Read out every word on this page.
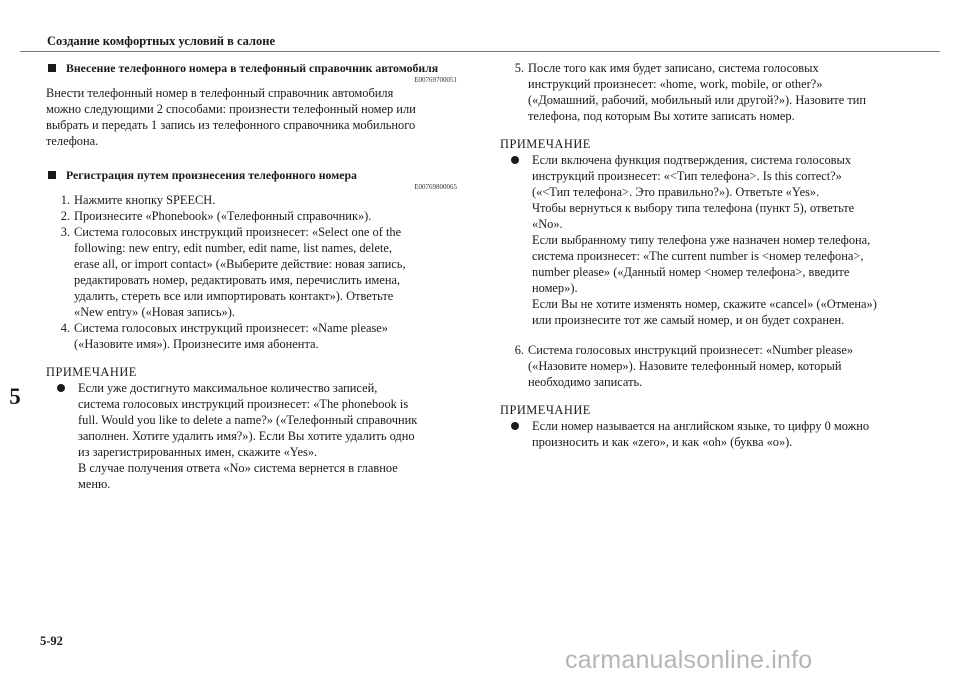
Создание комфортных условий в салоне
Внесение телефонного номера в телефонный справочник автомобиля
E00769700051

Внести телефонный номер в телефонный справочник автомобиля

можно следующими 2 способами: произнести телефонный номер или

выбрать и передать 1 запись из телефонного справочника мобильного

телефона.

Регистрация путем произнесения телефонного номера
E00769800065
1. Нажмите кнопку SPEECH.

2. Произнесите «Phonebook» («Телефонный справочник»).

3. Система голосовых инструкций произнесет: «Select one of the

following: new entry, edit number, edit name, list names, delete,

erase all, or import contact» («Выберите действие: новая запись,

редактировать номер, редактировать имя, перечислить имена,

удалить, стереть все или импортировать контакт»). Ответьте

«New entry» («Новая запись»).

4. Система голосовых инструкций произнесет: «Name please»

(«Назовите имя»). Произнесите имя абонента.

ПРИМЕЧАНИЕ

Если уже достигнуто максимальное количество записей,

система голосовых инструкций произнесет: «The phonebook is

full. Would you like to delete a name?» («Телефонный справочник

заполнен. Хотите удалить имя?»). Если Вы хотите удалить одно

из зарегистрированных имен, скажите «Yes».

В случае получения ответа «No» система вернется в главное

меню.

5. После того как имя будет записано, система голосовых

инструкций произнесет: «home, work, mobile, or other?»

(«Домашний, рабочий, мобильный или другой?»). Назовите тип

телефона, под которым Вы хотите записать номер.

ПРИМЕЧАНИЕ

Если включена функция подтверждения, система голосовых

инструкций произнесет: «<Тип телефона>. Is this correct?»

(«<Тип телефона>. Это правильно?»). Ответьте «Yes».

Чтобы вернуться к выбору типа телефона (пункт 5), ответьте

«No».

Если выбранному типу телефона уже назначен номер телефона,

система произнесет: «The current number is <номер телефона>,

number please» («Данный номер <номер телефона>, введите

номер»).

Если Вы не хотите изменять номер, скажите «cancel» («Отмена»)

или произнесите тот же самый номер, и он будет сохранен.

6. Система голосовых инструкций произнесет: «Number please»

(«Назовите номер»). Назовите телефонный номер, который

необходимо записать.

ПРИМЕЧАНИЕ

Если номер называется на английском языке, то цифру 0 можно

произносить и как «zero», и как «oh» (буква «о»).

5
5-92
carmanualsonline.info
